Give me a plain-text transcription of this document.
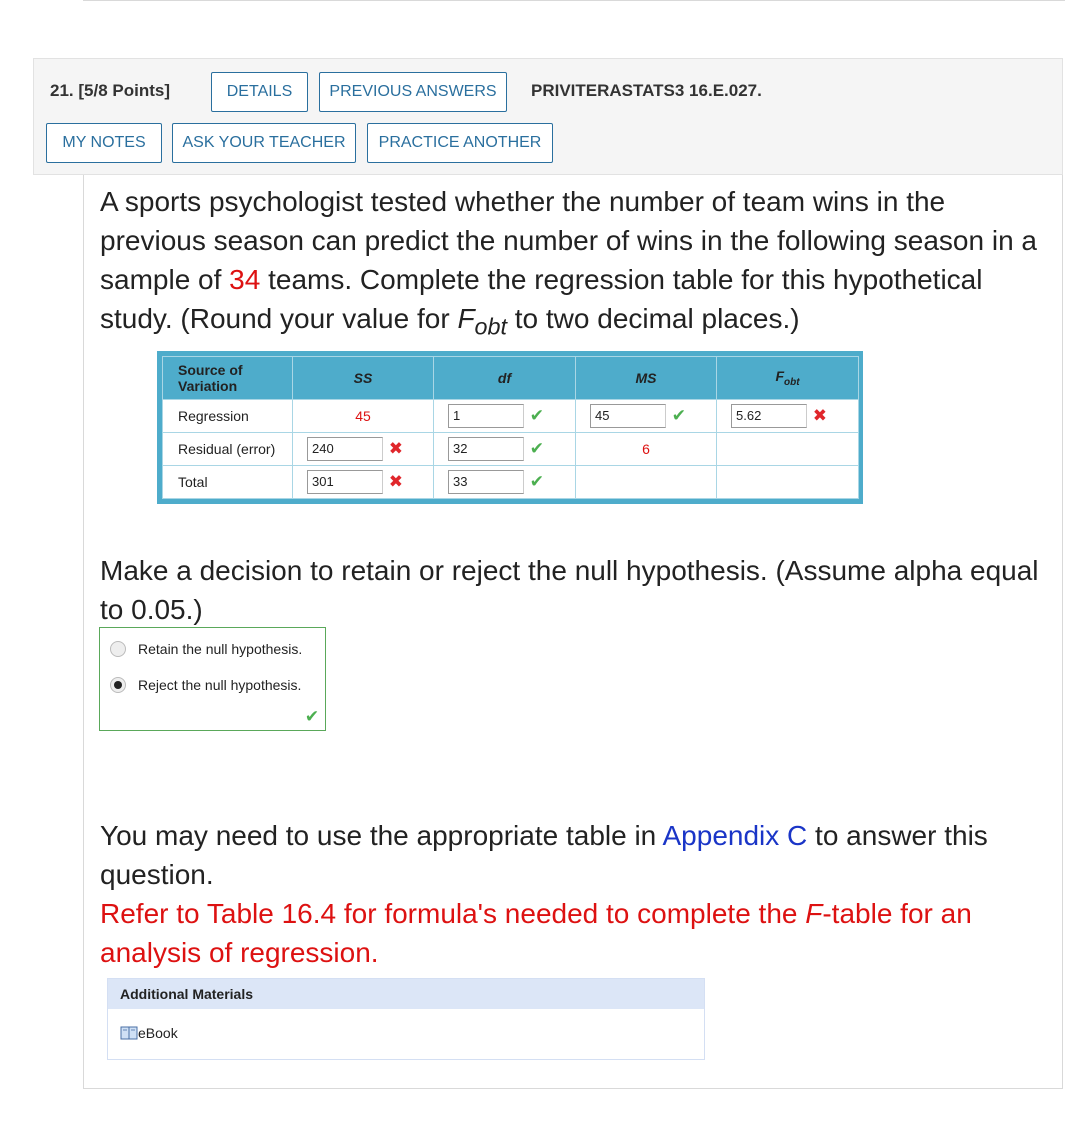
21. [5/8 Points]	DETAILS	PREVIOUS ANSWERS	PRIVITERASTATS3 16.E.027.
MY NOTES	ASK YOUR TEACHER	PRACTICE ANOTHER
A sports psychologist tested whether the number of team wins in the previous season can predict the number of wins in the following season in a sample of 34 teams. Complete the regression table for this hypothetical study. (Round your value for $F_{obt}$ to two decimal places.)
Source of Variation	SS	df	MS	$F_{obt}$
Regression	45	1 ✔	45 ✔	5.62 ✖
Residual (error)	240 ✖	32 ✔	6	
Total	301 ✖	33 ✔		
Make a decision to retain or reject the null hypothesis. (Assume alpha equal to 0.05.)
Retain the null hypothesis.
Reject the null hypothesis.
✔
You may need to use the appropriate table in Appendix C to answer this question.
Refer to Table 16.4 for formula's needed to complete the F-table for an analysis of regression.
Additional Materials
eBook
